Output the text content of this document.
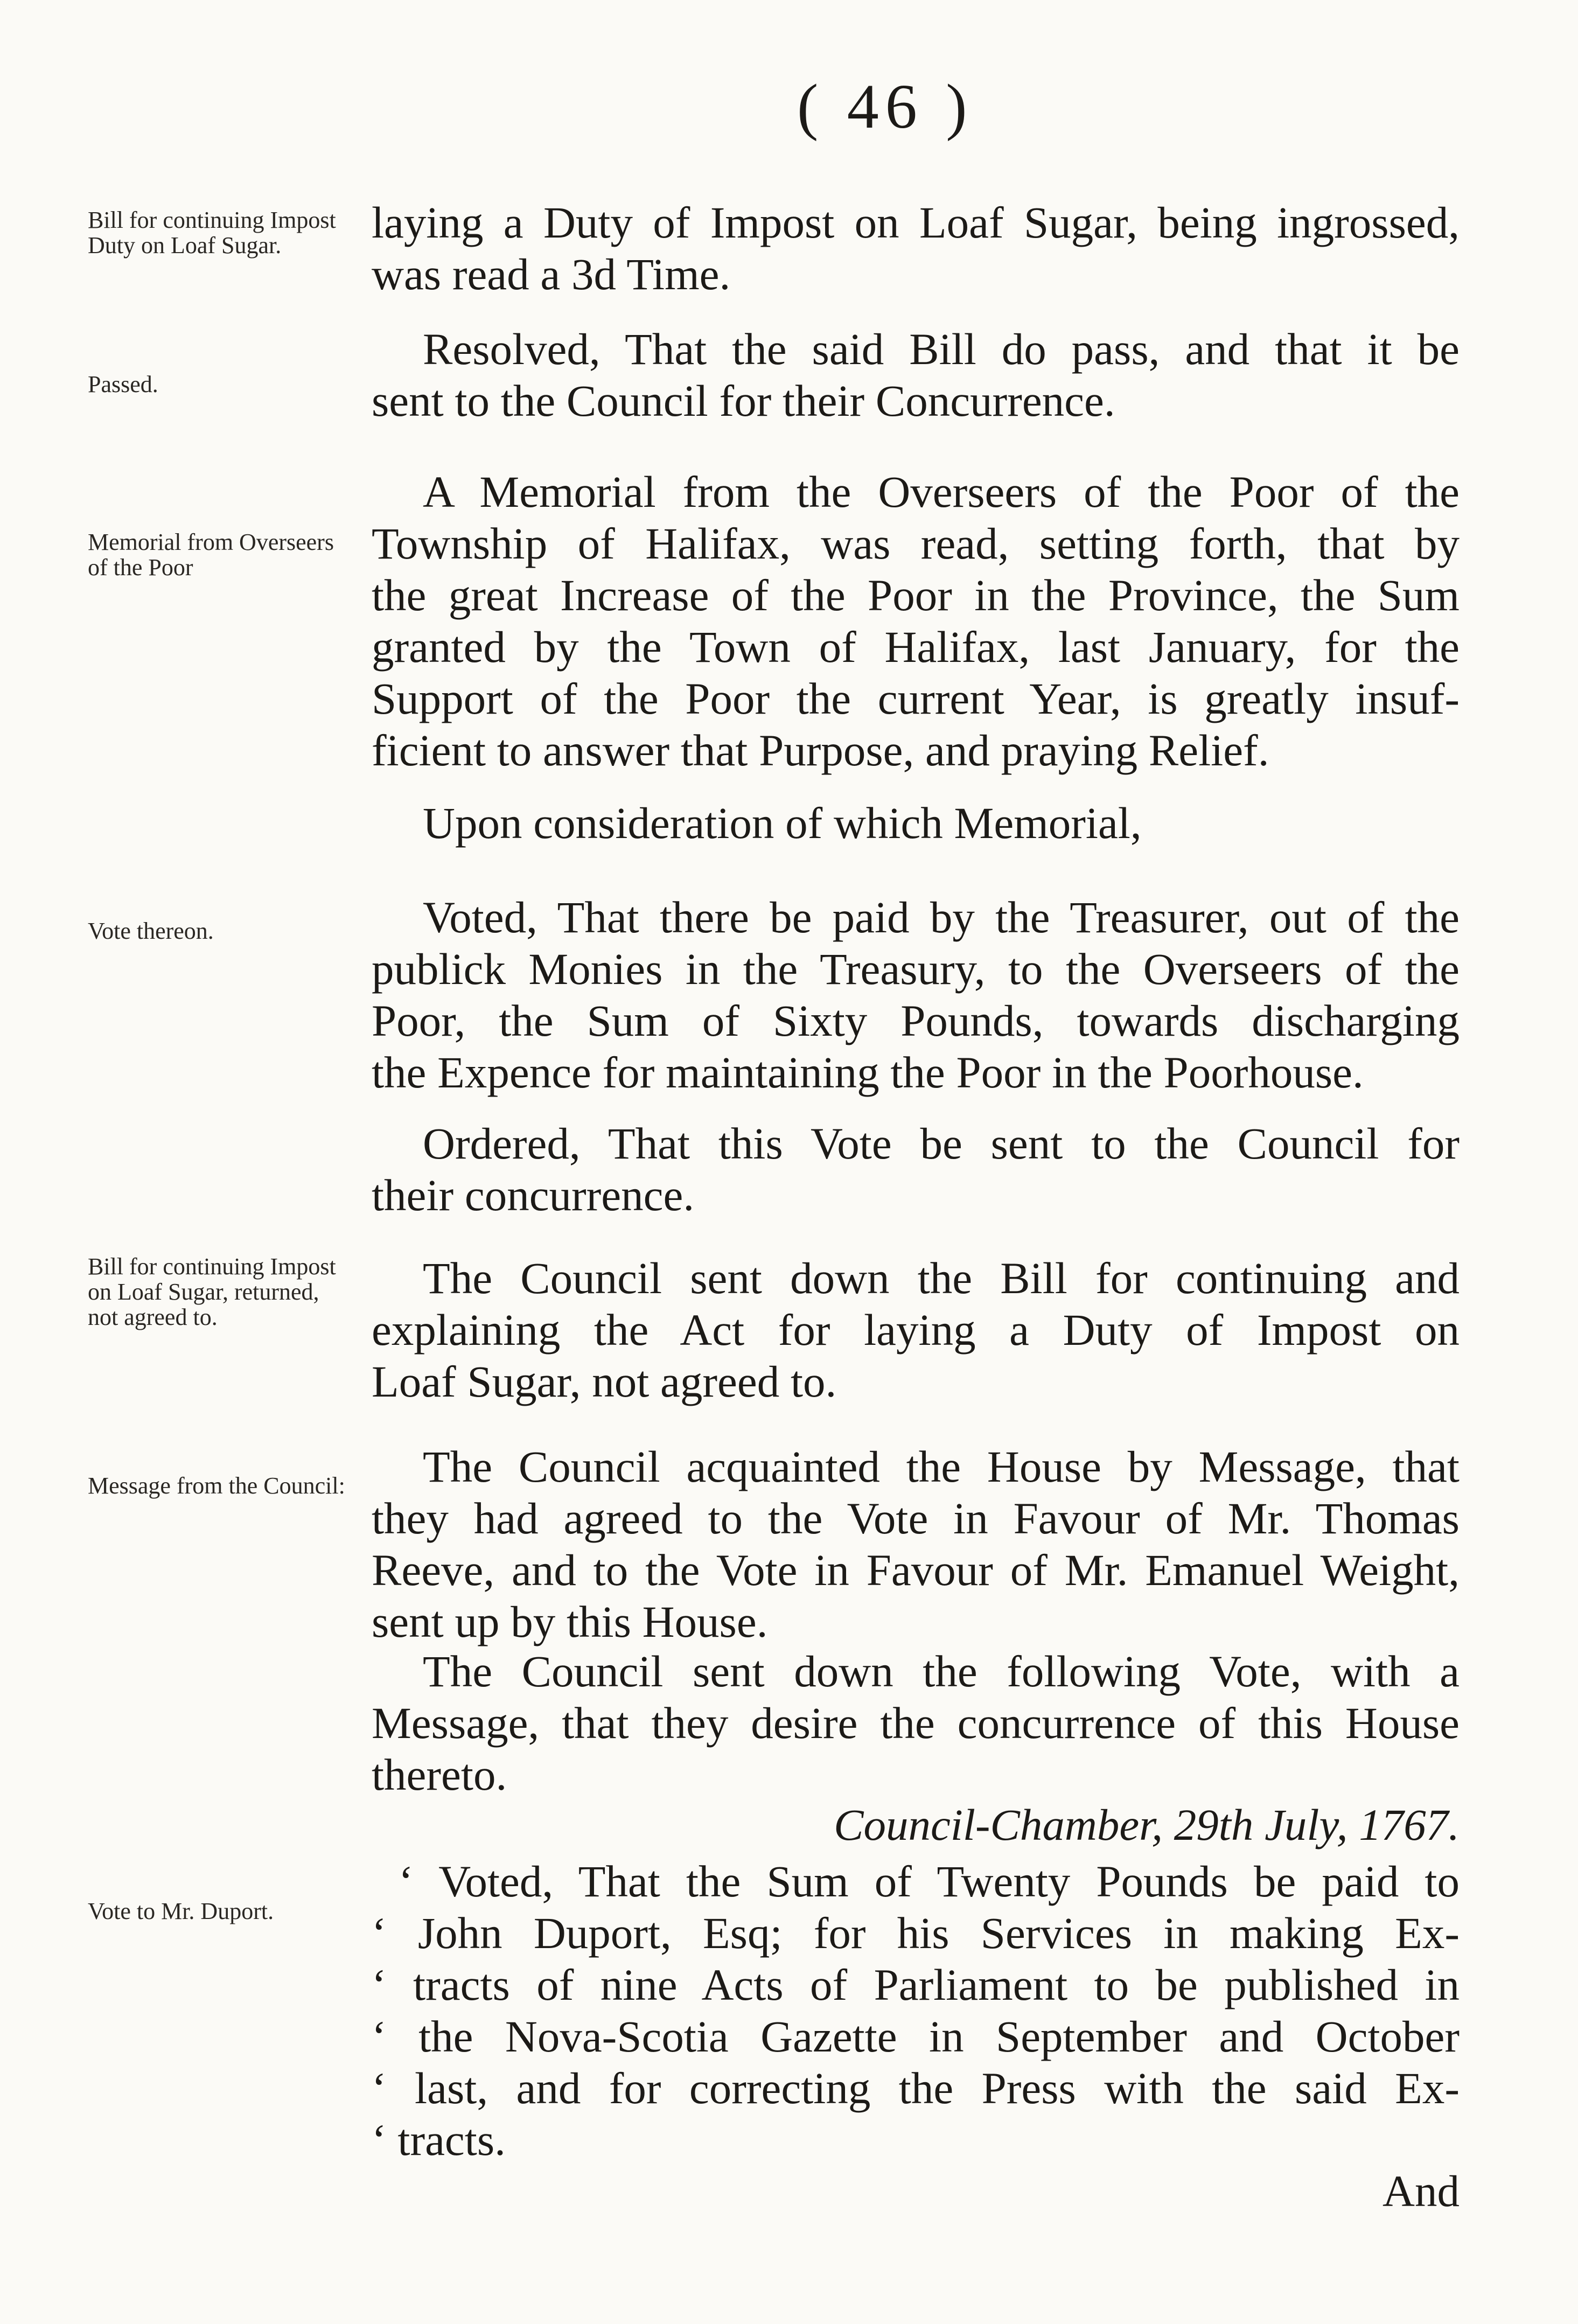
( 46 )
Bill for continuing Impost Duty on Loaf Sugar.
Passed.
Memorial from Overseers of the Poor
Vote thereon.
Bill for continuing Impost on Loaf Sugar, returned, not agreed to.
Message from the Council:
Vote to Mr. Duport.
laying a Duty of Impost on Loaf Sugar, being ingrossed,
was read a 3d Time.
Resolved, That the said Bill do pass, and that it be
sent to the Council for their Concurrence.
A Memorial from the Overseers of the Poor of the
Township of Halifax, was read, setting forth, that by
the great Increase of the Poor in the Province, the Sum
granted by the Town of Halifax, last January, for the
Support of the Poor the current Year, is greatly insuf-
ficient to answer that Purpose, and praying Relief.
Upon consideration of which Memorial,
Voted, That there be paid by the Treasurer, out of the
publick Monies in the Treasury, to the Overseers of the
Poor, the Sum of Sixty Pounds, towards discharging
the Expence for maintaining the Poor in the Poorhouse.
Ordered, That this Vote be sent to the Council for
their concurrence.
The Council sent down the Bill for continuing and
explaining the Act for laying a Duty of Impost on
Loaf Sugar, not agreed to.
The Council acquainted the House by Message, that
they had agreed to the Vote in Favour of Mr. Thomas
Reeve, and to the Vote in Favour of Mr. Emanuel Weight,
sent up by this House.
The Council sent down the following Vote, with a
Message, that they desire the concurrence of this House
thereto.
Council-Chamber, 29th July, 1767.
‘ Voted, That the Sum of Twenty Pounds be paid to
‘ John Duport, Esq; for his Services in making Ex-
‘ tracts of nine Acts of Parliament to be published in
‘ the Nova-Scotia Gazette in September and October
‘ last, and for correcting the Press with the said Ex-
‘ tracts.
And
